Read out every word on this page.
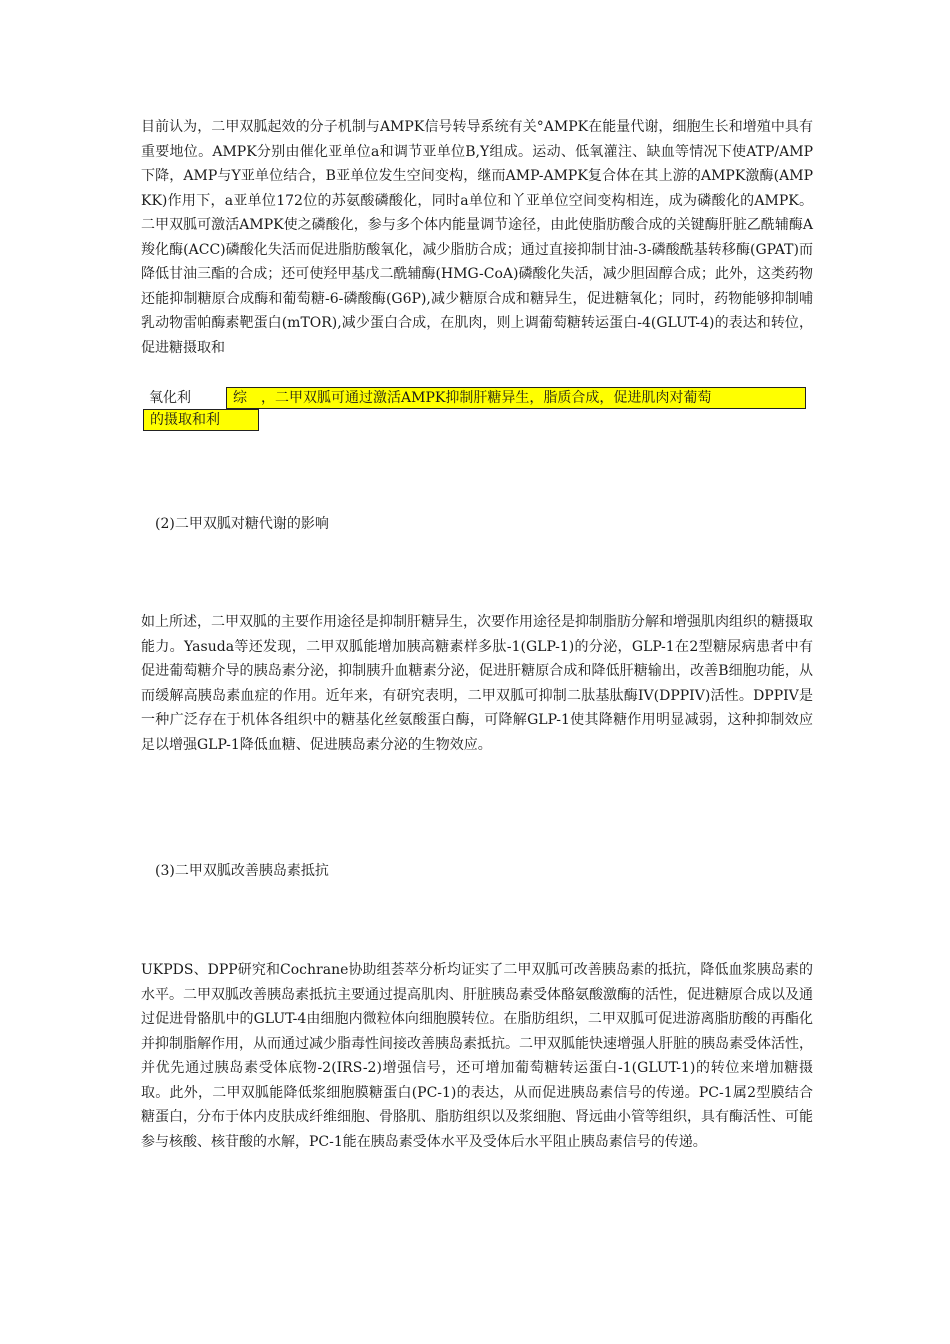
目前认为，二甲双胍起效的分子机制与AMPK信号转导系统有关°AMPK在能量代谢，细胞生长和增殖中具有重要地位。AMPK分别由催化亚单位a和调节亚单位B,Y组成。运动、低氧灌注、缺血等情况下使ATP/AMP下降，AMP与Y亚单位结合，B亚单位发生空间变构，继而AMP-AMPK复合体在其上游的AMPK激酶(AMPKK)作用下，a亚单位172位的苏氨酸磷酸化，同时a单位和丫亚单位空间变构相连，成为磷酸化的AMPK。二甲双胍可激活AMPK使之磷酸化，参与多个体内能量调节途径，由此使脂肪酸合成的关键酶肝脏乙酰辅酶A羧化酶(ACC)磷酸化失活而促进脂肪酸氧化，减少脂肪合成；通过直接抑制甘油-3-磷酸酰基转移酶(GPAT)而降低甘油三酯的合成；还可使羟甲基戊二酰辅酶(HMG-CoA)磷酸化失活，减少胆固醇合成；此外，这类药物还能抑制糖原合成酶和葡萄糖-6-磷酸酶(G6P),减少糖原合成和糖异生，促进糖氧化；同时，药物能够抑制哺乳动物雷帕酶素靶蛋白(mTOR),减少蛋白合成，在肌肉，则上调葡萄糖转运蛋白-4(GLUT-4)的表达和转位，促进糖摄取和

氧化利	综　，二甲双胍可通过激活AMPK抑制肝糖异生，脂质合成，促进肌肉对葡萄
的摄取和利

(2)二甲双胍对糖代谢的影响

如上所述，二甲双胍的主要作用途径是抑制肝糖异生，次要作用途径是抑制脂肪分解和增强肌肉组织的糖摄取能力。Yasuda等还发现，二甲双胍能增加胰高糖素样多肽-1(GLP-1)的分泌，GLP-1在2型糖尿病患者中有促进葡萄糖介导的胰岛素分泌，抑制胰升血糖素分泌，促进肝糖原合成和降低肝糖输出，改善B细胞功能，从而缓解高胰岛素血症的作用。近年来，有研究表明，二甲双胍可抑制二肽基肽酶IV(DPPIV)活性。DPPIV是一种广泛存在于机体各组织中的糖基化丝氨酸蛋白酶，可降解GLP-1使其降糖作用明显减弱，这种抑制效应足以增强GLP-1降低血糖、促进胰岛素分泌的生物效应。

(3)二甲双胍改善胰岛素抵抗

UKPDS、DPP研究和Cochrane协助组荟萃分析均证实了二甲双胍可改善胰岛素的抵抗，降低血浆胰岛素的水平。二甲双胍改善胰岛素抵抗主要通过提高肌肉、肝脏胰岛素受体酪氨酸激酶的活性，促进糖原合成以及通过促进骨骼肌中的GLUT-4由细胞内微粒体向细胞膜转位。在脂肪组织，二甲双胍可促进游离脂肪酸的再酯化并抑制脂解作用，从而通过减少脂毒性间接改善胰岛素抵抗。二甲双胍能快速增强人肝脏的胰岛素受体活性，并优先通过胰岛素受体底物-2(IRS-2)增强信号，还可增加葡萄糖转运蛋白-1(GLUT-1)的转位来增加糖摄取。此外，二甲双胍能降低浆细胞膜糖蛋白(PC-1)的表达，从而促进胰岛素信号的传递。PC-1属2型膜结合糖蛋白，分布于体内皮肤成纤维细胞、骨胳肌、脂肪组织以及浆细胞、肾远曲小管等组织，具有酶活性、可能参与核酸、核苷酸的水解，PC-1能在胰岛素受体水平及受体后水平阻止胰岛素信号的传递。
